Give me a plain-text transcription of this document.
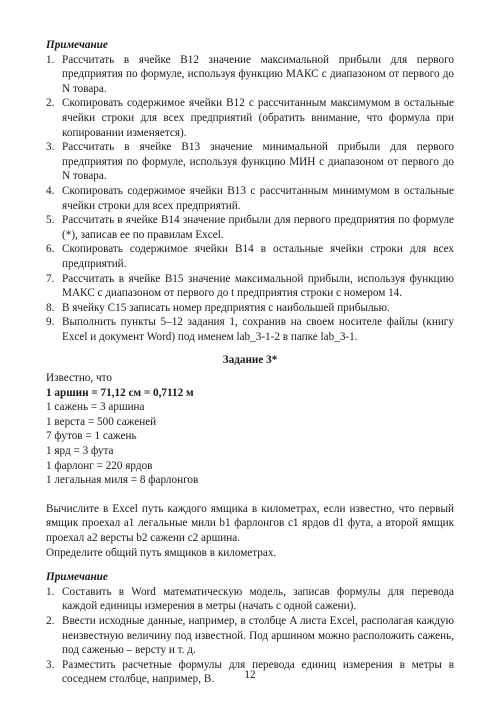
Примечание

1. Рассчитать в ячейке B12 значение максимальной прибыли для первого предприятия по формуле, используя функцию МАКС с диапазоном от первого до N товара.
2. Скопировать содержимое ячейки B12 с рассчитанным максимумом в остальные ячейки строки для всех предприятий (обратить внимание, что формула при копировании изменяется).
3. Рассчитать в ячейке B13 значение минимальной прибыли для первого предприятия по формуле, используя функцию МИН с диапазоном от первого до N товара.
4. Скопировать содержимое ячейки B13 с рассчитанным минимумом в остальные ячейки строки для всех предприятий.
5. Рассчитать в ячейке B14 значение прибыли для первого предприятия по формуле (*), записав ее по правилам Excel.
6. Скопировать содержимое ячейки B14 в остальные ячейки строки для всех предприятий.
7. Рассчитать в ячейке B15 значение максимальной прибыли, используя функцию МАКС с диапазоном от первого до t предприятия строки с номером 14.
8. В ячейку C15 записать номер предприятия с наибольшей прибылью.
9. Выполнить пункты 5–12 задания 1, сохранив на своем носителе файлы (книгу Excel и документ Word) под именем lab_3-1-2 в папке lab_3-1.
Задание 3*
Известно, что
1 аршин = 71,12 см = 0,7112 м
1 сажень = 3 аршина
1 верста = 500 саженей
7 футов = 1 сажень
1 ярд = 3 фута
1 фарлонг = 220 ярдов
1 легальная миля = 8 фарлонгов
Вычислите в Excel путь каждого ямщика в километрах, если известно, что первый ямщик проехал a1 легальные мили b1 фарлонгов c1 ярдов d1 фута, а второй ямщик проехал a2 версты b2 сажени c2 аршина.
Определите общий путь ямщиков в километрах.

Примечание

1. Составить в Word математическую модель, записав формулы для перевода каждой единицы измерения в метры (начать с одной сажени).
2. Ввести исходные данные, например, в столбце A листа Excel, располагая каждую неизвестную величину под известной. Под аршином можно расположить сажень, под саженью – версту и т. д.
3. Разместить расчетные формулы для перевода единиц измерения в метры в соседнем столбце, например, B.	12
